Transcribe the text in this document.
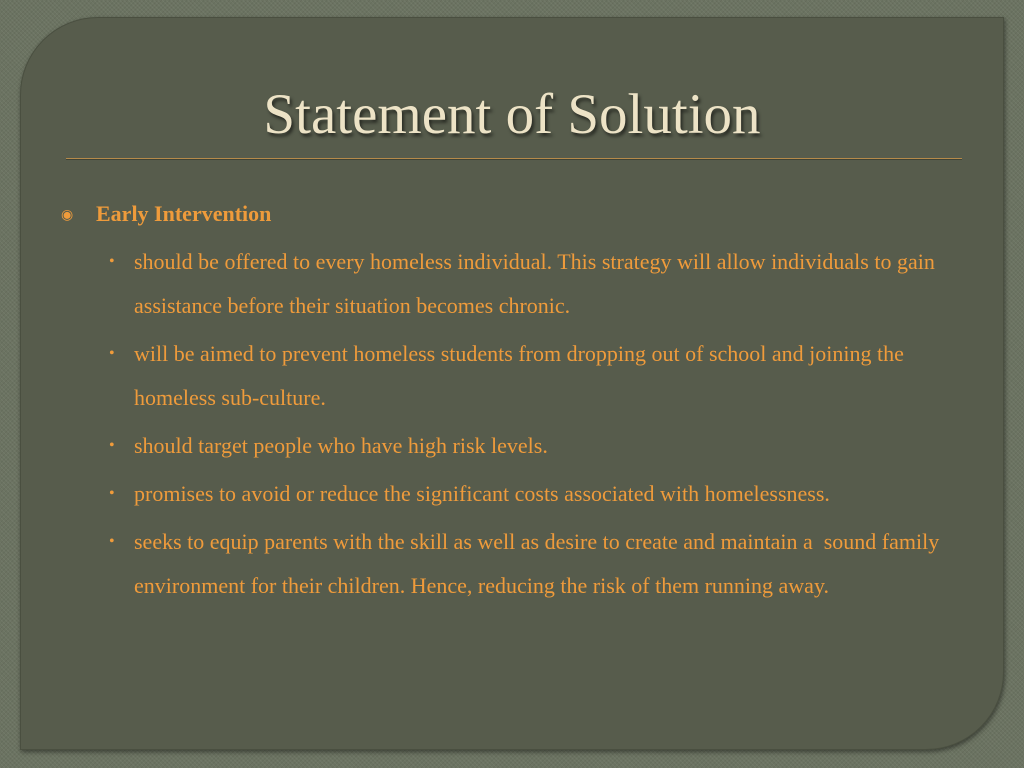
Statement of Solution
◉	Early Intervention
• should be offered to every homeless individual. This strategy will allow individuals to gain assistance before their situation becomes chronic.
• will be aimed to prevent homeless students from dropping out of school and joining the homeless sub-culture.
• should target people who have high risk levels.
• promises to avoid or reduce the significant costs associated with homelessness.
• seeks to equip parents with the skill as well as desire to create and maintain a  sound family environment for their children. Hence, reducing the risk of them running away.
